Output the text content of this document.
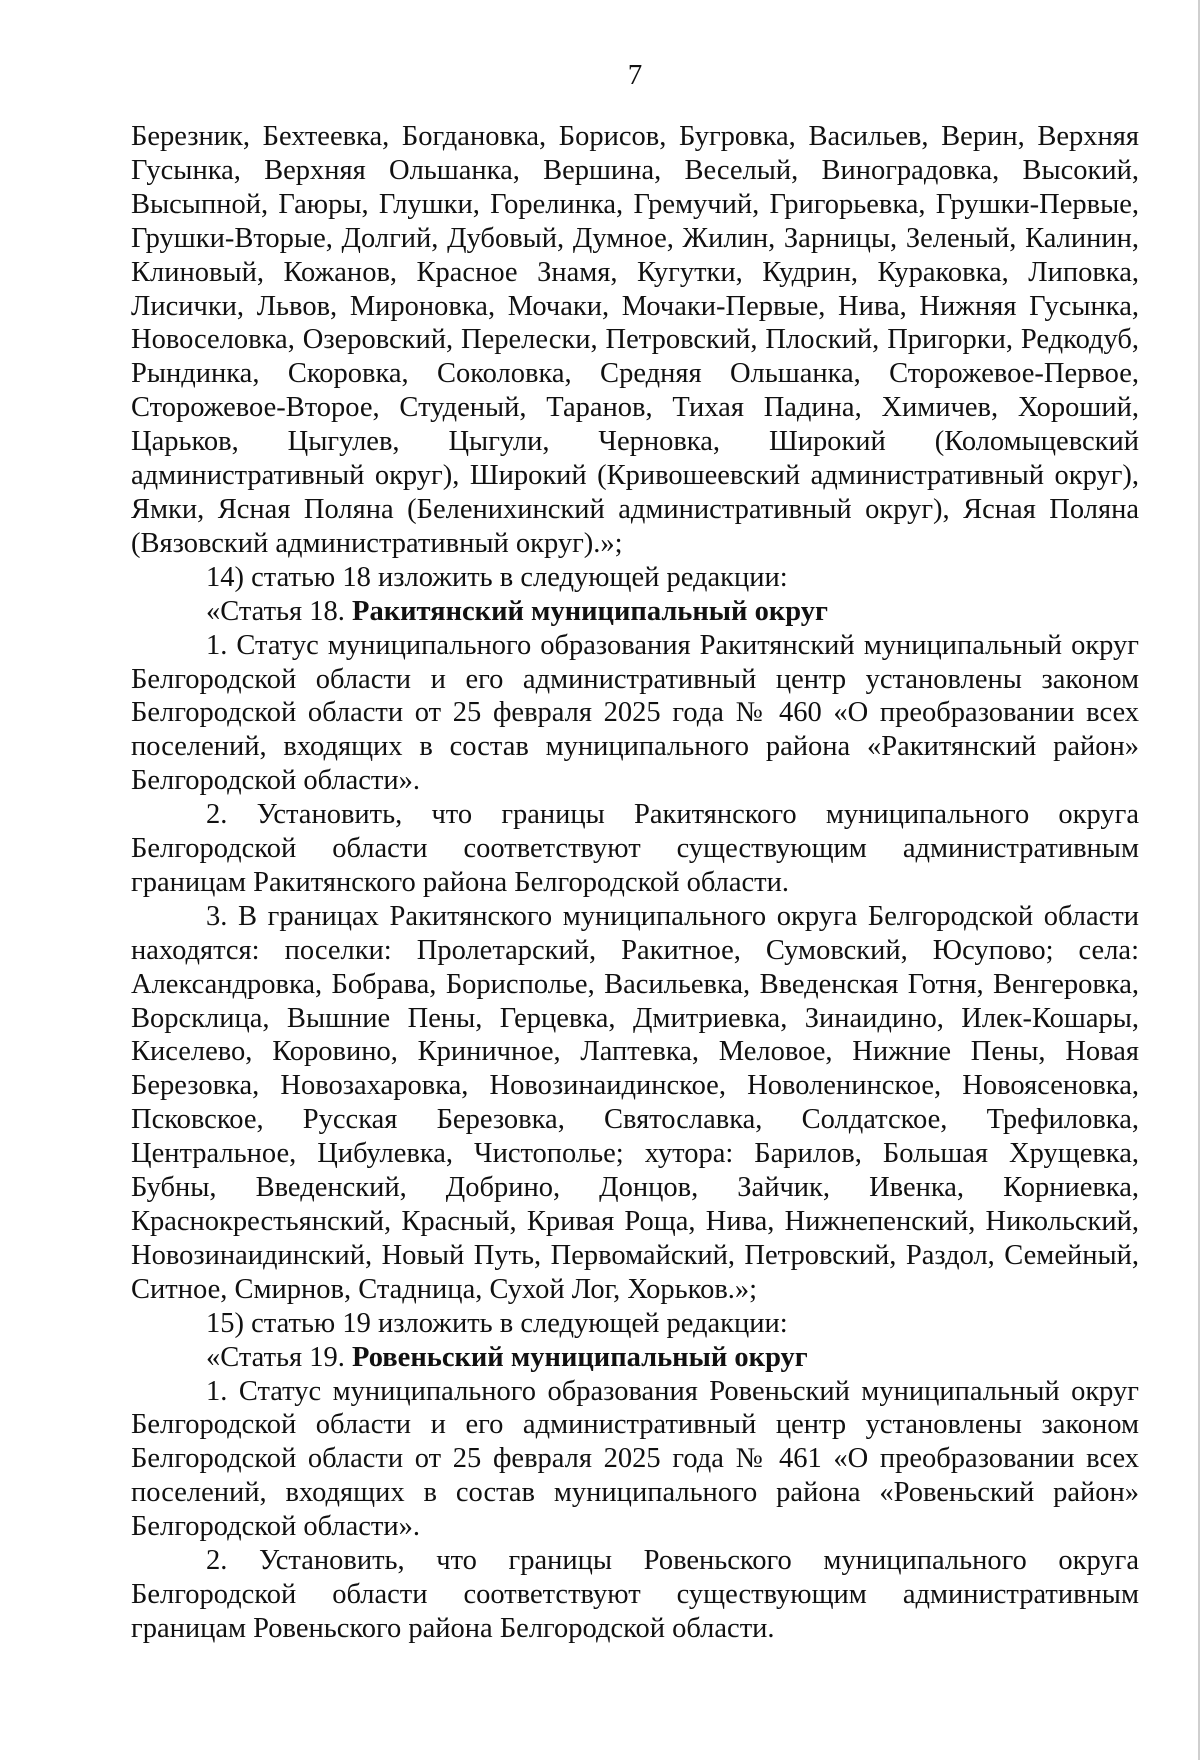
7

Березник, Бехтеевка, Богдановка, Борисов, Бугровка, Васильев, Верин, Верхняя Гусынка, Верхняя Ольшанка, Вершина, Веселый, Виноградовка, Высокий, Высыпной, Гаюры, Глушки, Горелинка, Гремучий, Григорьевка, Грушки-Первые, Грушки-Вторые, Долгий, Дубовый, Думное, Жилин, Зарницы, Зеленый, Калинин, Клиновый, Кожанов, Красное Знамя, Кугутки, Кудрин, Кураковка, Липовка, Лисички, Львов, Мироновка, Мочаки, Мочаки-Первые, Нива, Нижняя Гусынка, Новоселовка, Озеровский, Перелески, Петровский, Плоский, Пригорки, Редкодуб, Рындинка, Скоровка, Соколовка, Средняя Ольшанка, Сторожевое-Первое, Сторожевое-Второе, Студеный, Таранов, Тихая Падина, Химичев, Хороший, Царьков, Цыгулев, Цыгули, Черновка, Широкий (Коломыцевский административный округ), Широкий (Кривошеевский административный округ), Ямки, Ясная Поляна (Беленихинский административный округ), Ясная Поляна (Вязовский административный округ).»;

14) статью 18 изложить в следующей редакции:

«Статья 18. Ракитянский муниципальный округ

1. Статус муниципального образования Ракитянский муниципальный округ Белгородской области и его административный центр установлены законом Белгородской области от 25 февраля 2025 года № 460 «О преобразовании всех поселений, входящих в состав муниципального района «Ракитянский район» Белгородской области».

2. Установить, что границы Ракитянского муниципального округа Белгородской области соответствуют существующим административным границам Ракитянского района Белгородской области.

3. В границах Ракитянского муниципального округа Белгородской области находятся: поселки: Пролетарский, Ракитное, Сумовский, Юсупово; села: Александровка, Бобрава, Борисполье, Васильевка, Введенская Готня, Венгеровка, Ворсклица, Вышние Пены, Герцевка, Дмитриевка, Зинаидино, Илек-Кошары, Киселево, Коровино, Криничное, Лаптевка, Меловое, Нижние Пены, Новая Березовка, Новозахаровка, Новозинаидинское, Новоленинское, Новоясеновка, Псковское, Русская Березовка, Святославка, Солдатское, Трефиловка, Центральное, Цибулевка, Чистополье; хутора: Барилов, Большая Хрущевка, Бубны, Введенский, Добрино, Донцов, Зайчик, Ивенка, Корниевка, Краснокрестьянский, Красный, Кривая Роща, Нива, Нижнепенский, Никольский, Новозинаидинский, Новый Путь, Первомайский, Петровский, Раздол, Семейный, Ситное, Смирнов, Стадница, Сухой Лог, Хорьков.»;

15) статью 19 изложить в следующей редакции:

«Статья 19. Ровеньский муниципальный округ

1. Статус муниципального образования Ровеньский муниципальный округ Белгородской области и его административный центр установлены законом Белгородской области от 25 февраля 2025 года № 461 «О преобразовании всех поселений, входящих в состав муниципального района «Ровеньский район» Белгородской области».

2. Установить, что границы Ровеньского муниципального округа Белгородской области соответствуют существующим административным границам Ровеньского района Белгородской области.
